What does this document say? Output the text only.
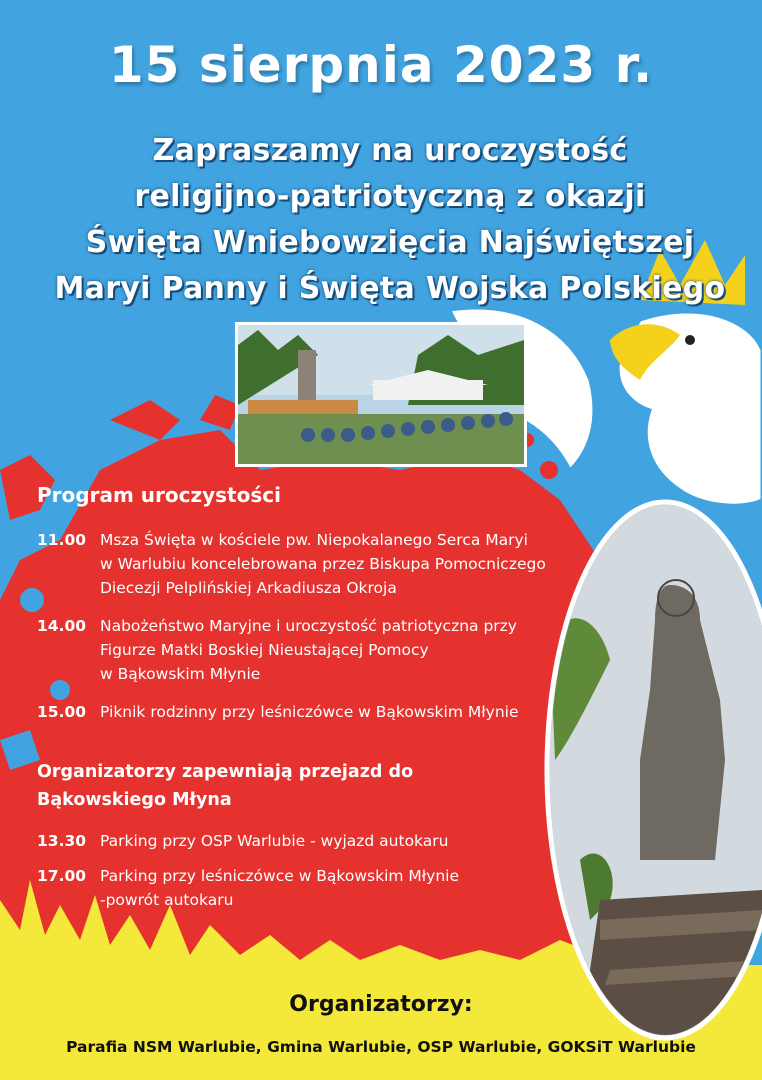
15 sierpnia 2023 r.
Zapraszamy na uroczystość
religijno-patriotyczną z okazji
Święta Wniebowzięcia Najświętszej
Maryi Panny i Święta Wojska Polskiego
Program uroczystości
11.00 Msza Święta w kościele pw. Niepokalanego Serca Maryi
w Warlubiu koncelebrowana przez Biskupa Pomocniczego
Diecezji Pelplińskiej Arkadiusza Okroja
14.00 Nabożeństwo Maryjne i uroczystość patriotyczna przy
Figurze Matki Boskiej Nieustającej Pomocy
w Bąkowskim Młynie
15.00 Piknik rodzinny przy leśniczówce w Bąkowskim Młynie
Organizatorzy zapewniają przejazd do
Bąkowskiego Młyna
13.30 Parking przy OSP Warlubie - wyjazd autokaru
17.00 Parking przy leśniczówce w Bąkowskim Młynie
-powrót autokaru
Organizatorzy:
Parafia NSM Warlubie, Gmina Warlubie, OSP Warlubie, GOKSiT Warlubie
